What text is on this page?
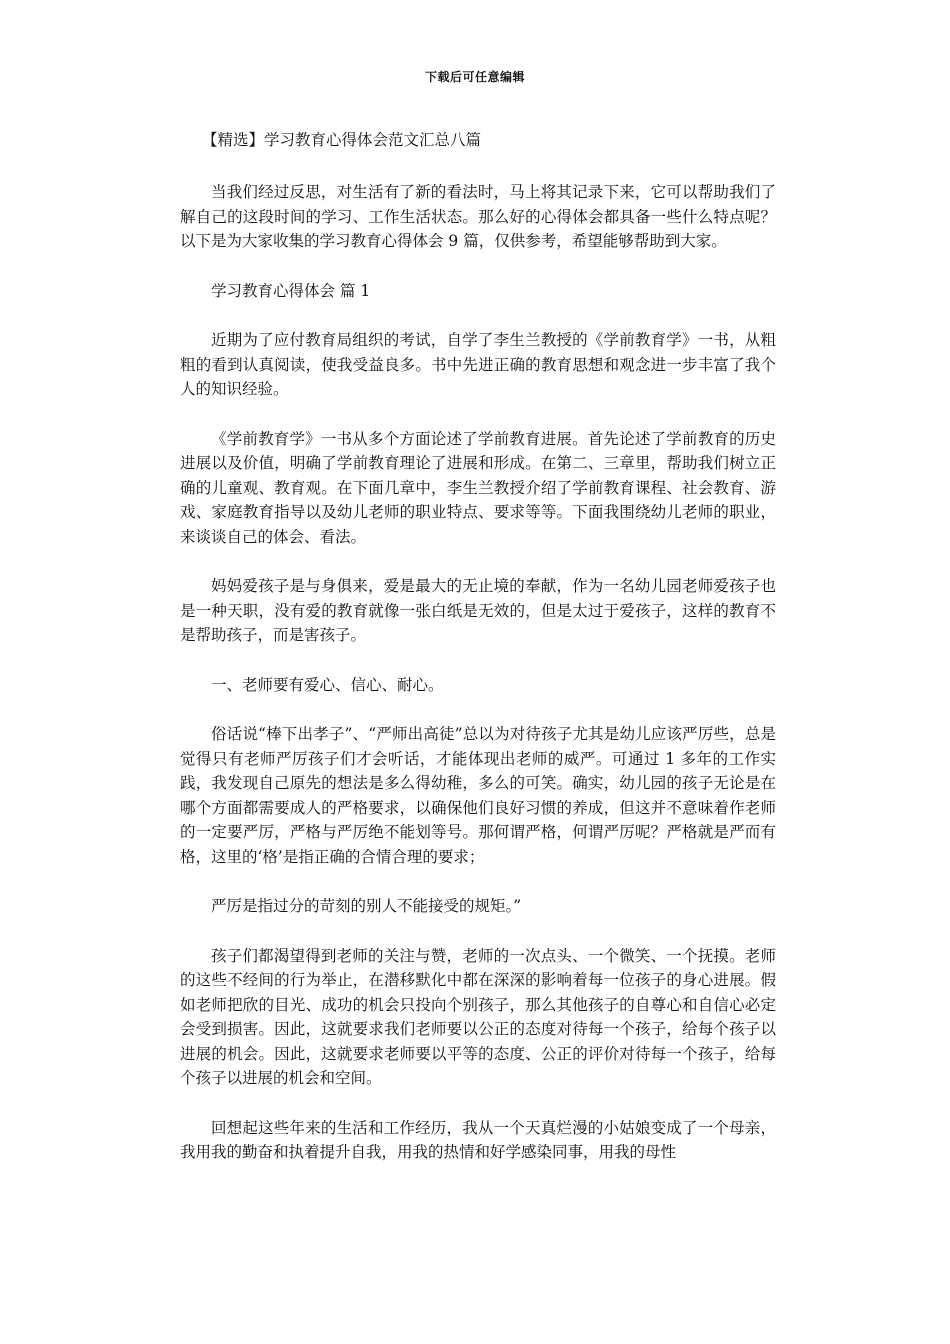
下载后可任意编辑

【精选】学习教育心得体会范文汇总八篇

当我们经过反思，对生活有了新的看法时，马上将其记录下来，它可以帮助我们了解自己的这段时间的学习、工作生活状态。那么好的心得体会都具备一些什么特点呢？以下是为大家收集的学习教育心得体会 9 篇，仅供参考，希望能够帮助到大家。

学习教育心得体会 篇 1

近期为了应付教育局组织的考试，自学了李生兰教授的《学前教育学》一书，从粗粗的看到认真阅读，使我受益良多。书中先进正确的教育思想和观念进一步丰富了我个人的知识经验。

《学前教育学》一书从多个方面论述了学前教育进展。首先论述了学前教育的历史进展以及价值，明确了学前教育理论了进展和形成。在第二、三章里，帮助我们树立正确的儿童观、教育观。在下面几章中，李生兰教授介绍了学前教育课程、社会教育、游戏、家庭教育指导以及幼儿老师的职业特点、要求等等。下面我围绕幼儿老师的职业，来谈谈自己的体会、看法。

妈妈爱孩子是与身俱来，爱是最大的无止境的奉献，作为一名幼儿园老师爱孩子也是一种天职，没有爱的教育就像一张白纸是无效的，但是太过于爱孩子，这样的教育不是帮助孩子，而是害孩子。

一、老师要有爱心、信心、耐心。

俗话说“棒下出孝子”、“严师出高徒”总以为对待孩子尤其是幼儿应该严厉些，总是觉得只有老师严厉孩子们才会听话，才能体现出老师的威严。可通过 1 多年的工作实践，我发现自己原先的想法是多么得幼稚，多么的可笑。确实，幼儿园的孩子无论是在哪个方面都需要成人的严格要求，以确保他们良好习惯的养成，但这并不意味着作老师的一定要严厉，严格与严厉绝不能划等号。那何谓严格，何谓严厉呢？严格就是严而有格，这里的‘格’是指正确的合情合理的要求；

严厉是指过分的苛刻的别人不能接受的规矩。”

孩子们都渴望得到老师的关注与赞，老师的一次点头、一个微笑、一个抚摸。老师的这些不经间的行为举止，在潜移默化中都在深深的影响着每一位孩子的身心进展。假如老师把欣的目光、成功的机会只投向个别孩子，那么其他孩子的自尊心和自信心必定会受到损害。因此，这就要求我们老师要以公正的态度对待每一个孩子，给每个孩子以进展的机会。因此，这就要求老师要以平等的态度、公正的评价对待每一个孩子，给每个孩子以进展的机会和空间。

回想起这些年来的生活和工作经历，我从一个天真烂漫的小姑娘变成了一个母亲，我用我的勤奋和执着提升自我，用我的热情和好学感染同事，用我的母性
